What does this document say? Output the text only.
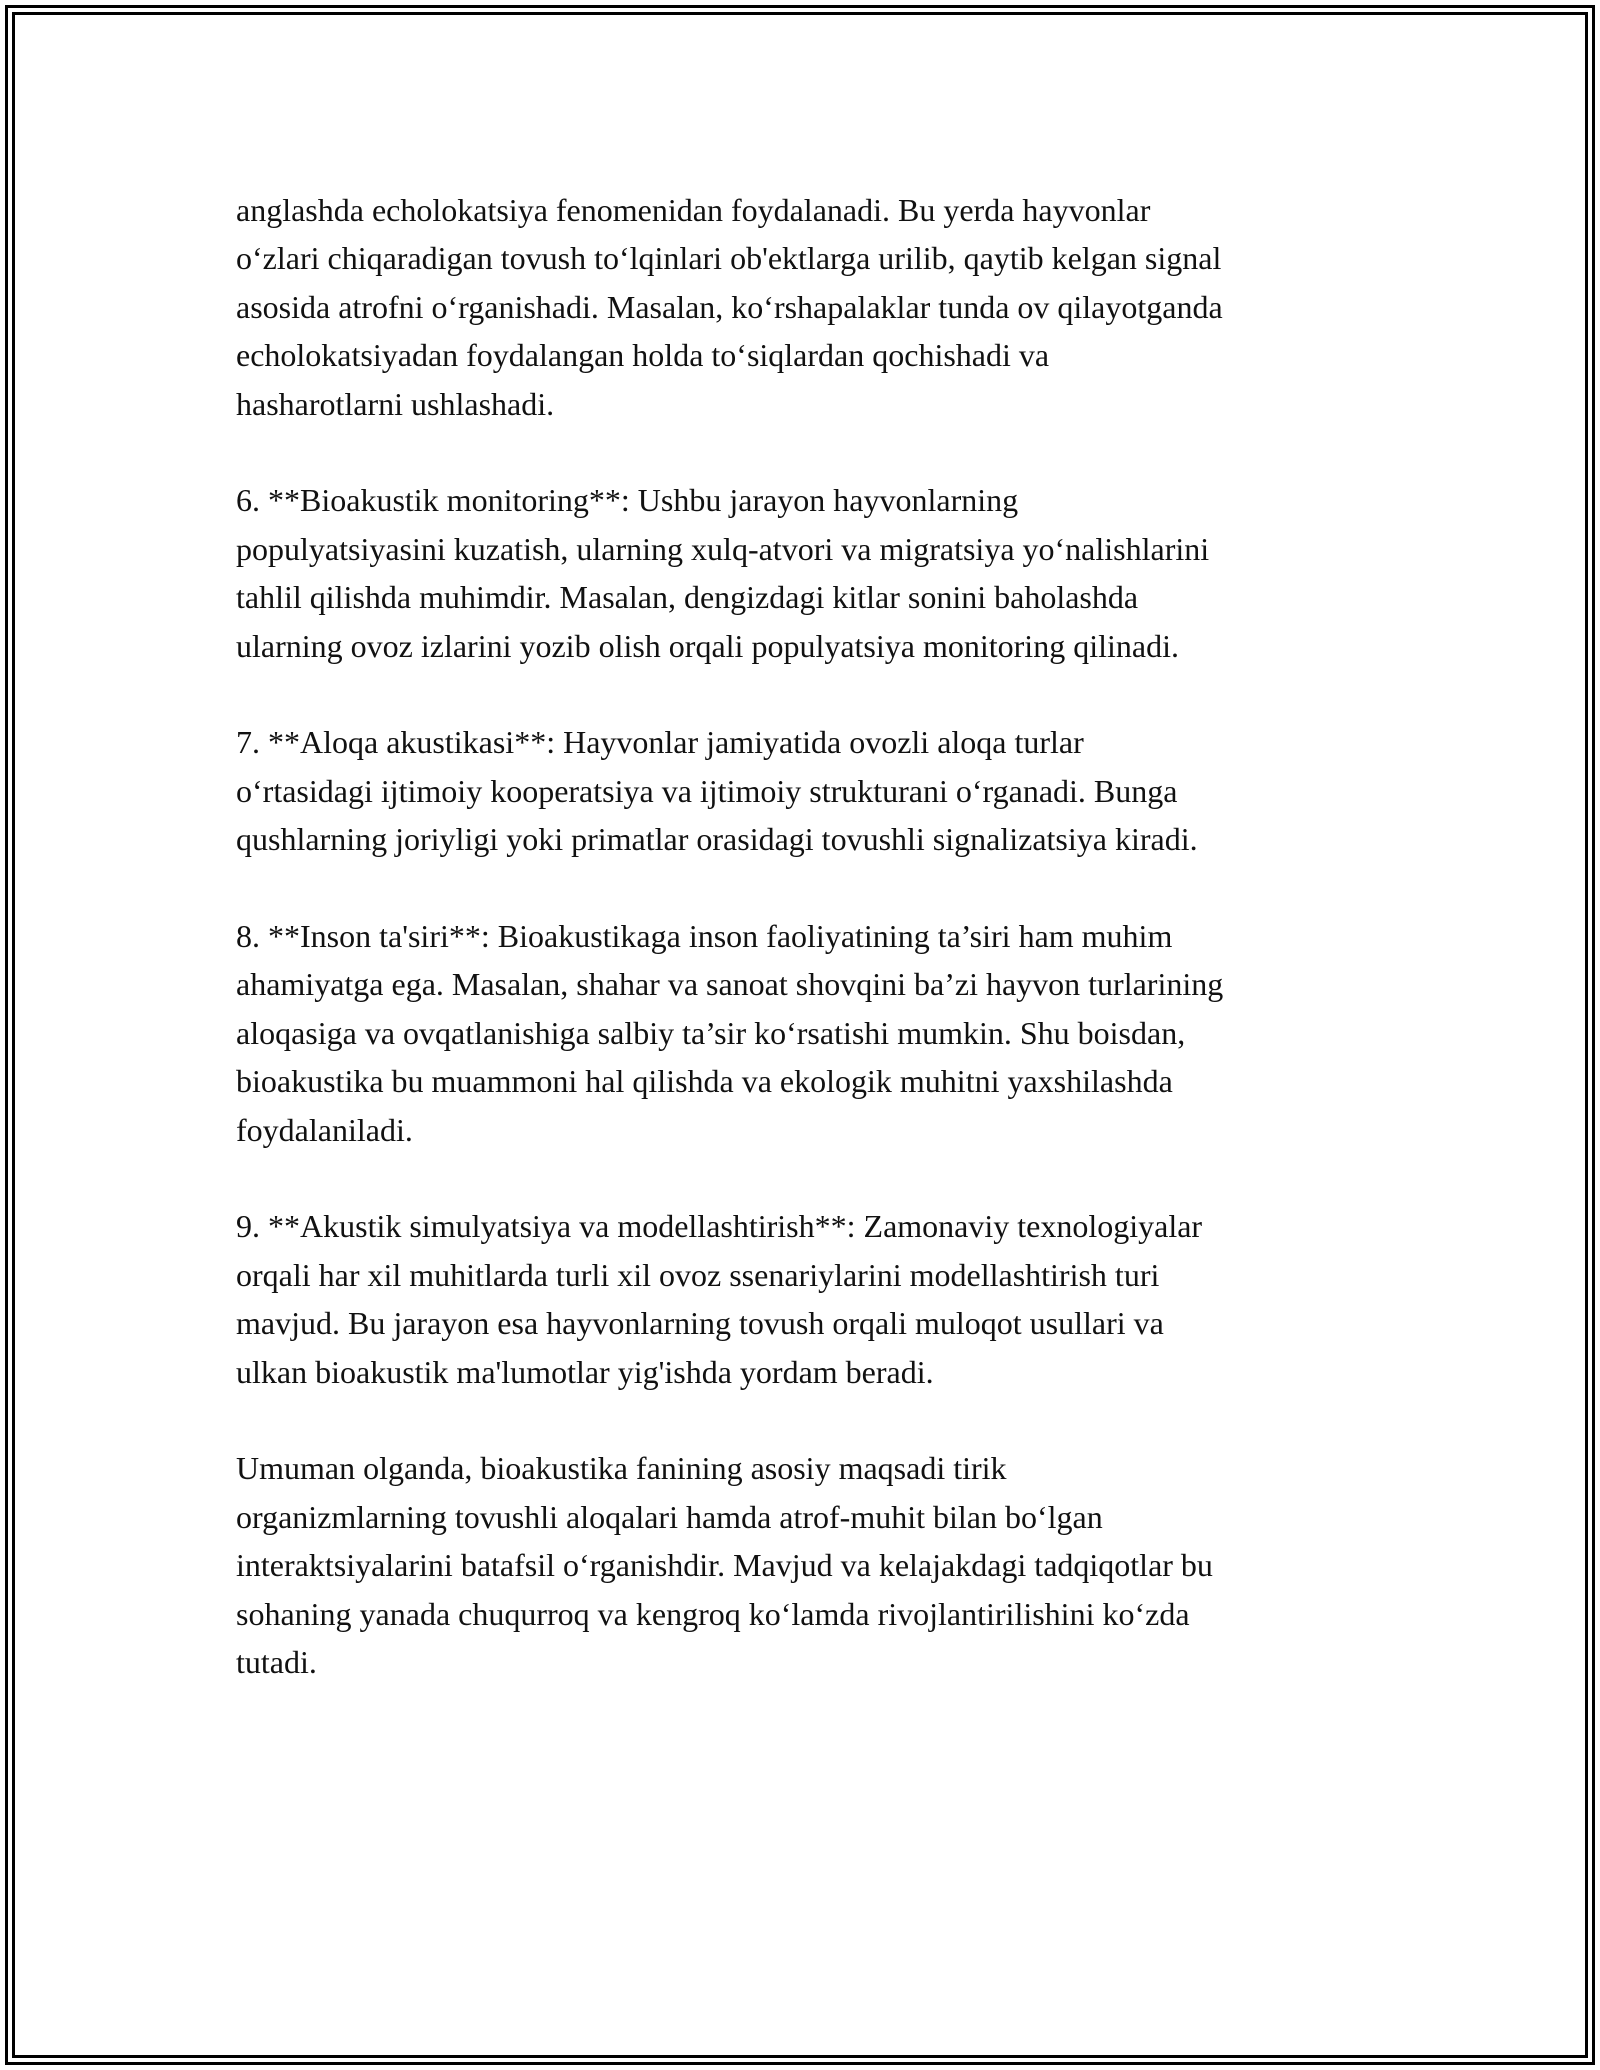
anglashda echolokatsiya fenomenidan foydalanadi. Bu yerda hayvonlar
o‘zlari chiqaradigan tovush to‘lqinlari ob'ektlarga urilib, qaytib kelgan signal
asosida atrofni o‘rganishadi. Masalan, ko‘rshapalaklar tunda ov qilayotganda
echolokatsiyadan foydalangan holda to‘siqlardan qochishadi va
hasharotlarni ushlashadi.

6. **Bioakustik monitoring**: Ushbu jarayon hayvonlarning
populyatsiyasini kuzatish, ularning xulq-atvori va migratsiya yo‘nalishlarini
tahlil qilishda muhimdir. Masalan, dengizdagi kitlar sonini baholashda
ularning ovoz izlarini yozib olish orqali populyatsiya monitoring qilinadi.

7. **Aloqa akustikasi**: Hayvonlar jamiyatida ovozli aloqa turlar
o‘rtasidagi ijtimoiy kooperatsiya va ijtimoiy strukturani o‘rganadi. Bunga
qushlarning joriyligi yoki primatlar orasidagi tovushli signalizatsiya kiradi.

8. **Inson ta'siri**: Bioakustikaga inson faoliyatining ta’siri ham muhim
ahamiyatga ega. Masalan, shahar va sanoat shovqini ba’zi hayvon turlarining
aloqasiga va ovqatlanishiga salbiy ta’sir ko‘rsatishi mumkin. Shu boisdan,
bioakustika bu muammoni hal qilishda va ekologik muhitni yaxshilashda
foydalaniladi.

9. **Akustik simulyatsiya va modellashtirish**: Zamonaviy texnologiyalar
orqali har xil muhitlarda turli xil ovoz ssenariylarini modellashtirish turi
mavjud. Bu jarayon esa hayvonlarning tovush orqali muloqot usullari va
ulkan bioakustik ma'lumotlar yig'ishda yordam beradi.

Umuman olganda, bioakustika fanining asosiy maqsadi tirik
organizmlarning tovushli aloqalari hamda atrof-muhit bilan bo‘lgan
interaktsiyalarini batafsil o‘rganishdir. Mavjud va kelajakdagi tadqiqotlar bu
sohaning yanada chuqurroq va kengroq ko‘lamda rivojlantirilishini ko‘zda
tutadi.
